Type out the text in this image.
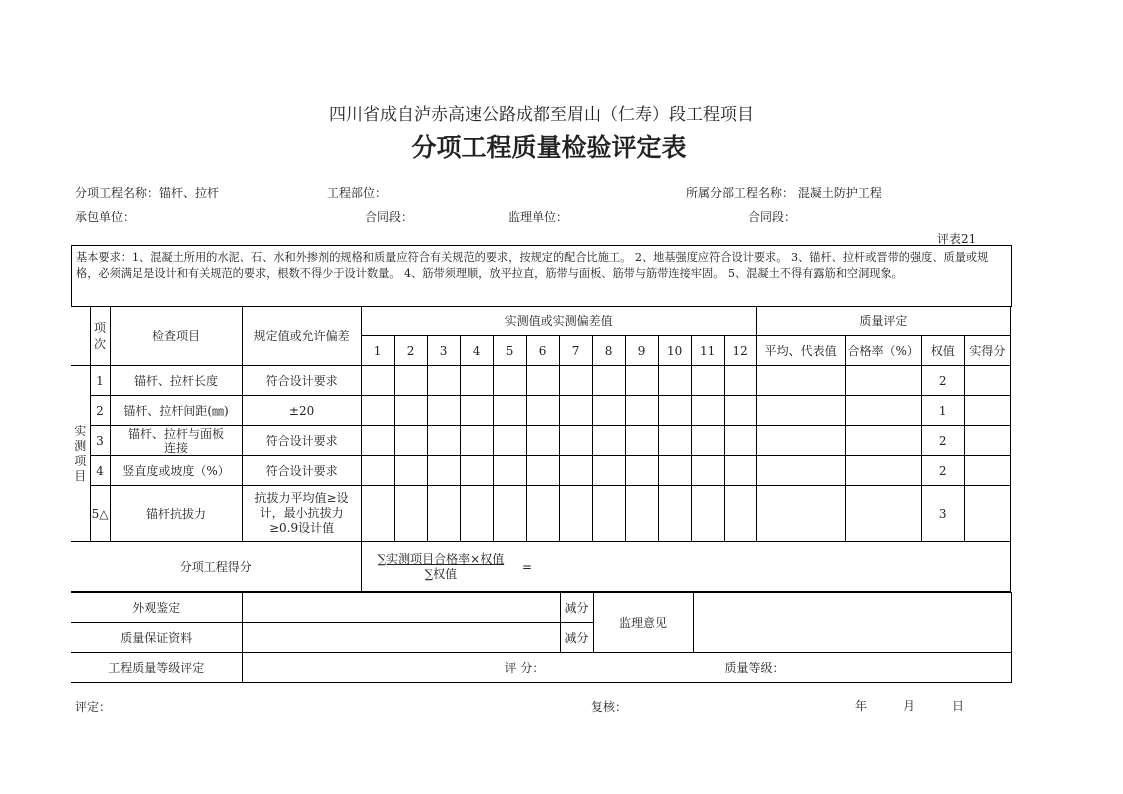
四川省成自泸赤高速公路成都至眉山（仁寿）段工程项目
分项工程质量检验评定表
分项工程名称：锚杆、拉杆	工程部位：	所属分部工程名称： 混凝土防护工程
承包单位：	合同段：	监理单位：	合同段：
评表21
基本要求：1、混凝土所用的水泥、石、水和外掺剂的规格和质量应符合有关规范的要求，按规定的配合比施工。 2、地基强度应符合设计要求。 3、锚杆、拉杆或晋带的强度、质量或规格，必须满足是设计和有关规范的要求，根数不得少于设计数量。 4、筋带须理顺，放平拉直，筋带与面板、筋带与筋带连接牢固。 5、混凝土不得有露筋和空洞现象。
	项次	检查项目	规定值或允许偏差	实测值或实测偏差值												质量评定			
				1	2	3	4	5	6	7	8	9	10	11	12	平均、代表值	合格率（%）	权值	实得分

实测项目	1	锚杆、拉杆长度	符合设计要求															2	
	2	锚杆、拉杆间距(㎜)	±20															1	
	3	锚杆、拉杆与面板连接	符合设计要求															2	
	4	竖直度或坡度（%）	符合设计要求															2	
	5△	锚杆抗拔力	抗拔力平均值≥设计，最小抗拔力≥0.9设计值															3	
分项工程得分				$\frac{\text{∑实测项目合格率×权值}}{\text{∑权值}}$ =															
外观鉴定		减分	监理意见	
质量保证资料		减分		
工程质量等级评定	评 分： 质量等级：			
评定：	复核：	年	月	日
